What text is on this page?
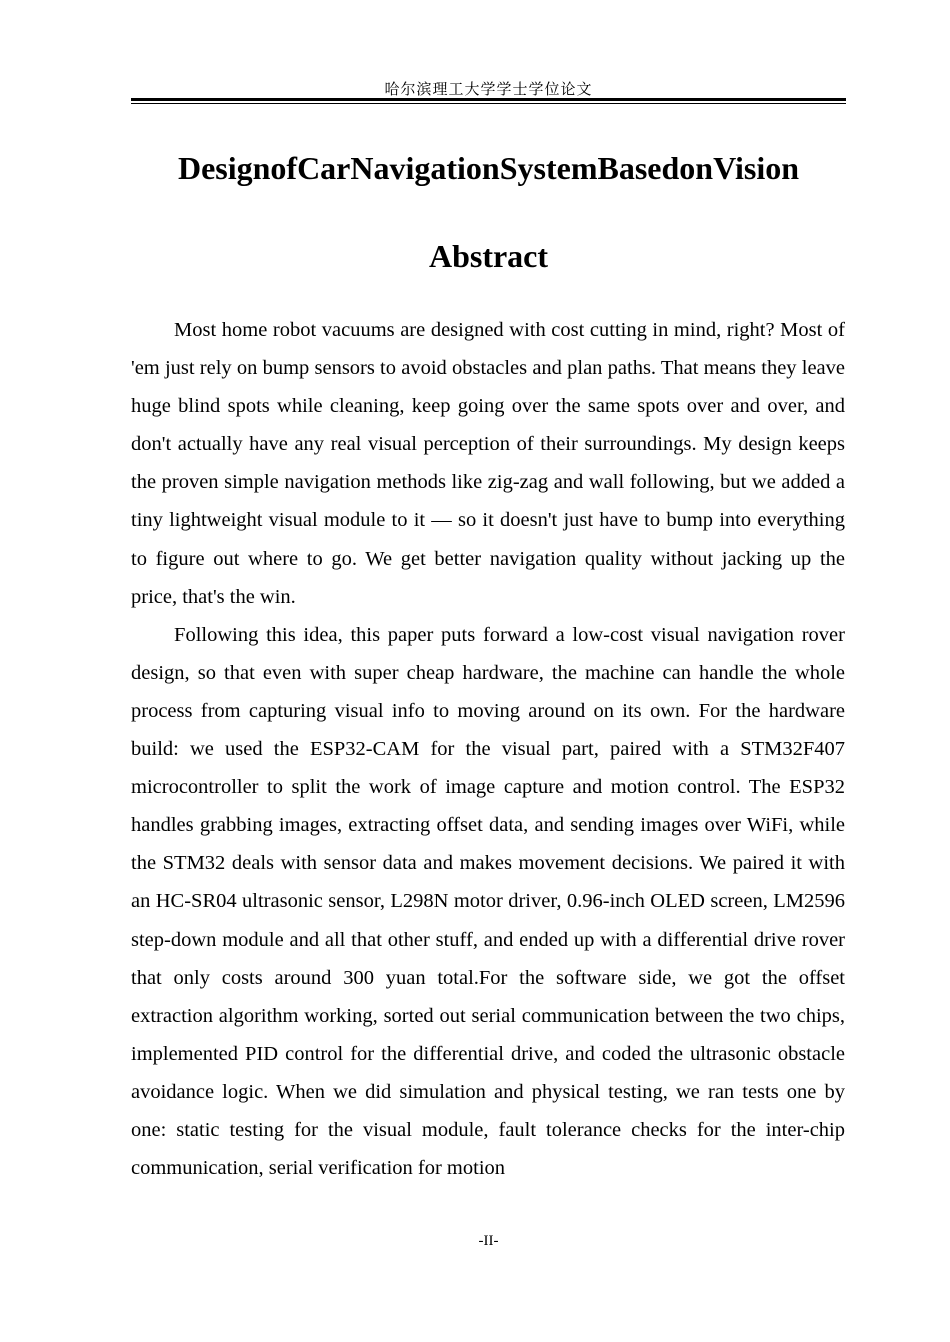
哈尔滨理工大学学士学位论文
DesignofCarNavigationSystemBasedonVision
Abstract

Most home robot vacuums are designed with cost cutting in mind, right? Most of 'em just rely on bump sensors to avoid obstacles and plan paths. That means they leave huge blind spots while cleaning, keep going over the same spots over and over, and don't actually have any real visual perception of their surroundings. My design keeps the proven simple navigation methods like zig-zag and wall following, but we added a tiny lightweight visual module to it — so it doesn't just have to bump into everything to figure out where to go. We get better navigation quality without jacking up the price, that's the win.

Following this idea, this paper puts forward a low-cost visual navigation rover design, so that even with super cheap hardware, the machine can handle the whole process from capturing visual info to moving around on its own. For the hardware build: we used the ESP32-CAM for the visual part, paired with a STM32F407 microcontroller to split the work of image capture and motion control. The ESP32 handles grabbing images, extracting offset data, and sending images over WiFi, while the STM32 deals with sensor data and makes movement decisions. We paired it with an HC-SR04 ultrasonic sensor, L298N motor driver, 0.96-inch OLED screen, LM2596 step-down module and all that other stuff, and ended up with a differential drive rover that only costs around 300 yuan total.For the software side, we got the offset extraction algorithm working, sorted out serial communication between the two chips, implemented PID control for the differential drive, and coded the ultrasonic obstacle avoidance logic. When we did simulation and physical testing, we ran tests one by one: static testing for the visual module, fault tolerance checks for the inter-chip communication, serial verification for motion

-II-
